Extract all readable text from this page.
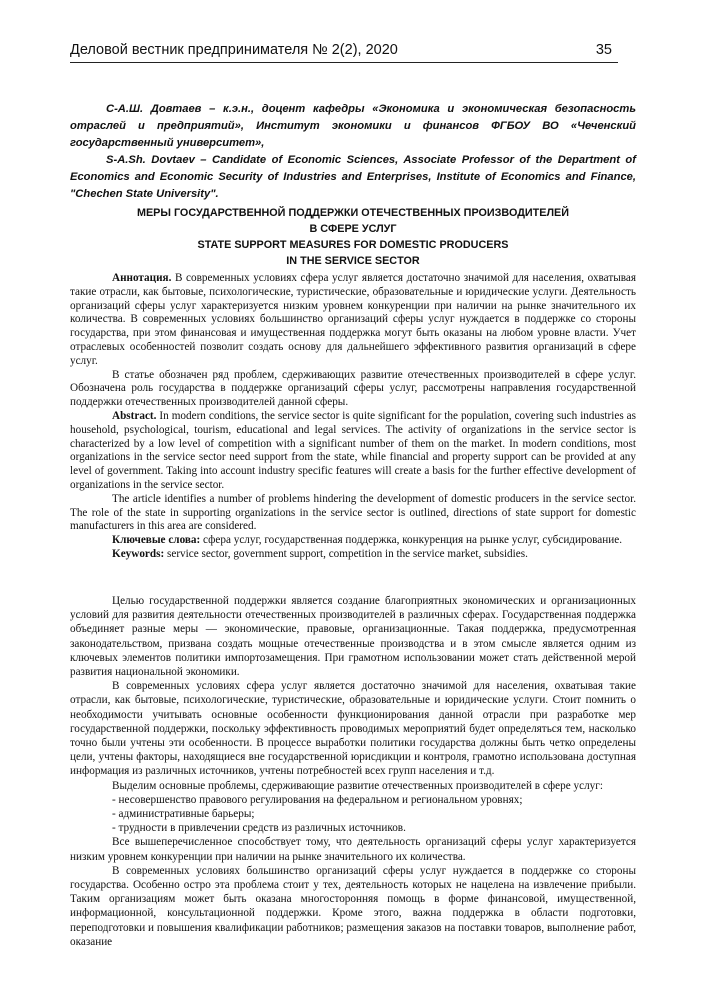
Деловой вестник предпринимателя № 2(2), 2020	35

С-А.Ш. Довтаев – к.э.н., доцент кафедры «Экономика и экономическая безопасность отраслей и предприятий», Институт экономики и финансов ФГБОУ ВО «Чеченский государственный университет»,

S-A.Sh. Dovtaev – Candidate of Economic Sciences, Associate Professor of the Department of Economics and Economic Security of Industries and Enterprises, Institute of Economics and Finance, "Chechen State University".

МЕРЫ ГОСУДАРСТВЕННОЙ ПОДДЕРЖКИ ОТЕЧЕСТВЕННЫХ ПРОИЗВОДИТЕЛЕЙ
В СФЕРЕ УСЛУГ
STATE SUPPORT MEASURES FOR DOMESTIC PRODUCERS
IN THE SERVICE SECTOR

Аннотация. В современных условиях сфера услуг является достаточно значимой для населения, охватывая такие отрасли, как бытовые, психологические, туристические, образовательные и юридические услуги. Деятельность организаций сферы услуг характеризуется низким уровнем конкуренции при наличии на рынке значительного их количества. В современных условиях большинство организаций сферы услуг нуждается в поддержке со стороны государства, при этом финансовая и имущественная поддержка могут быть оказаны на любом уровне власти. Учет отраслевых особенностей позволит создать основу для дальнейшего эффективного развития организаций в сфере услуг.

В статье обозначен ряд проблем, сдерживающих развитие отечественных производителей в сфере услуг. Обозначена роль государства в поддержке организаций сферы услуг, рассмотрены направления государственной поддержки отечественных производителей данной сферы.

Abstract. In modern conditions, the service sector is quite significant for the population, covering such industries as household, psychological, tourism, educational and legal services. The activity of organizations in the service sector is characterized by a low level of competition with a significant number of them on the market. In modern conditions, most organizations in the service sector need support from the state, while financial and property support can be provided at any level of government. Taking into account industry specific features will create a basis for the further effective development of organizations in the service sector.

The article identifies a number of problems hindering the development of domestic producers in the service sector. The role of the state in supporting organizations in the service sector is outlined, directions of state support for domestic manufacturers in this area are considered.

Ключевые слова: сфера услуг, государственная поддержка, конкуренция на рынке услуг, субсидирование.

Keywords: service sector, government support, competition in the service market, subsidies.

Целью государственной поддержки является создание благоприятных экономических и организационных условий для развития деятельности отечественных производителей в различных сферах. Государственная поддержка объединяет разные меры — экономические, правовые, организационные. Такая поддержка, предусмотренная законодательством, призвана создать мощные отечественные производства и в этом смысле является одним из ключевых элементов политики импортозамещения. При грамотном использовании может стать действенной мерой развития национальной экономики.

В современных условиях сфера услуг является достаточно значимой для населения, охватывая такие отрасли, как бытовые, психологические, туристические, образовательные и юридические услуги. Стоит помнить о необходимости учитывать основные особенности функционирования данной отрасли при разработке мер государственной поддержки, поскольку эффективность проводимых мероприятий будет определяться тем, насколько точно были учтены эти особенности. В процессе выработки политики государства должны быть четко определены цели, учтены факторы, находящиеся вне государственной юрисдикции и контроля, грамотно использована доступная информация из различных источников, учтены потребностей всех групп населения и т.д.

Выделим основные проблемы, сдерживающие развитие отечественных производителей в сфере услуг:

- несовершенство правового регулирования на федеральном и региональном уровнях;

- административные барьеры;

- трудности в привлечении средств из различных источников.

Все вышеперечисленное способствует тому, что деятельность организаций сферы услуг характеризуется низким уровнем конкуренции при наличии на рынке значительного их количества.

В современных условиях большинство организаций сферы услуг нуждается в поддержке со стороны государства. Особенно остро эта проблема стоит у тех, деятельность которых не нацелена на извлечение прибыли. Таким организациям может быть оказана многосторонняя помощь в форме финансовой, имущественной, информационной, консультационной поддержки. Кроме этого, важна поддержка в области подготовки, переподготовки и повышения квалификации работников; размещения заказов на поставки товаров, выполнение работ, оказание
